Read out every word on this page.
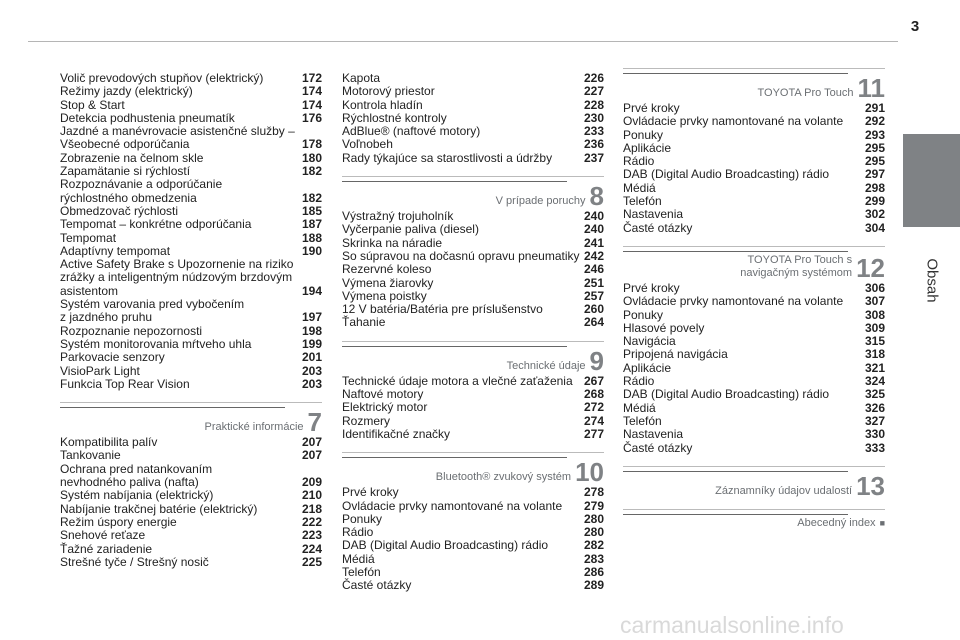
3
Obsah
Volič prevodových stupňov (elektrický)	172
Režimy jazdy (elektrický)	174
Stop & Start	174
Detekcia podhustenia pneumatík	176
Jazdné a manévrovacie asistenčné služby –
Všeobecné odporúčania	178
Zobrazenie na čelnom skle	180
Zapamätanie si rýchlostí	182
Rozpoznávanie a odporúčanie
rýchlostného obmedzenia	182
Obmedzovač rýchlosti	185
Tempomat – konkrétne odporúčania	187
Tempomat	188
Adaptívny tempomat	190
Active Safety Brake s Upozornenie na riziko
zrážky a inteligentným núdzovým brzdovým
asistentom	194
Systém varovania pred vybočením
z jazdného pruhu	197
Rozpoznanie nepozornosti	198
Systém monitorovania mŕtveho uhla	199
Parkovacie senzory	201
VisioPark Light	203
Funkcia Top Rear Vision	203
Praktické informácie 7
Kompatibilita palív	207
Tankovanie	207
Ochrana pred natankovaním
nevhodného paliva (nafta)	209
Systém nabíjania (elektrický)	210
Nabíjanie trakčnej batérie (elektrický)	218
Režim úspory energie	222
Snehové reťaze	223
Ťažné zariadenie	224
Strešné tyče / Strešný nosič	225
Kapota	226
Motorový priestor	227
Kontrola hladín	228
Rýchlostné kontroly	230
AdBlue® (naftové motory)	233
Voľnobeh	236
Rady týkajúce sa starostlivosti a údržby	237
V prípade poruchy 8
Výstražný trojuholník	240
Vyčerpanie paliva (diesel)	240
Skrinka na náradie	241
So súpravou na dočasnú opravu pneumatiky 242
Rezervné koleso	246
Výmena žiarovky	251
Výmena poistky	257
12 V batéria/Batéria pre príslušenstvo	260
Ťahanie	264
Technické údaje 9
Technické údaje motora a vlečné zaťaženia 267
Naftové motory	268
Elektrický motor	272
Rozmery	274
Identifikačné značky	277
Bluetooth® zvukový systém 10
Prvé kroky	278
Ovládacie prvky namontované na volante	279
Ponuky	280
Rádio	280
DAB (Digital Audio Broadcasting) rádio	282
Médiá	283
Telefón	286
Časté otázky	289
TOYOTA Pro Touch 11
Prvé kroky	291
Ovládacie prvky namontované na volante	292
Ponuky	293
Aplikácie	295
Rádio	295
DAB (Digital Audio Broadcasting) rádio	297
Médiá	298
Telefón	299
Nastavenia	302
Časté otázky	304
TOYOTA Pro Touch s
navigačným systémom 12
Prvé kroky	306
Ovládacie prvky namontované na volante	307
Ponuky	308
Hlasové povely	309
Navigácia	315
Pripojená navigácia	318
Aplikácie	321
Rádio	324
DAB (Digital Audio Broadcasting) rádio	325
Médiá	326
Telefón	327
Nastavenia	330
Časté otázky	333
Záznamníky údajov udalostí 13
Abecedný index ■
carmanualsonline.info
